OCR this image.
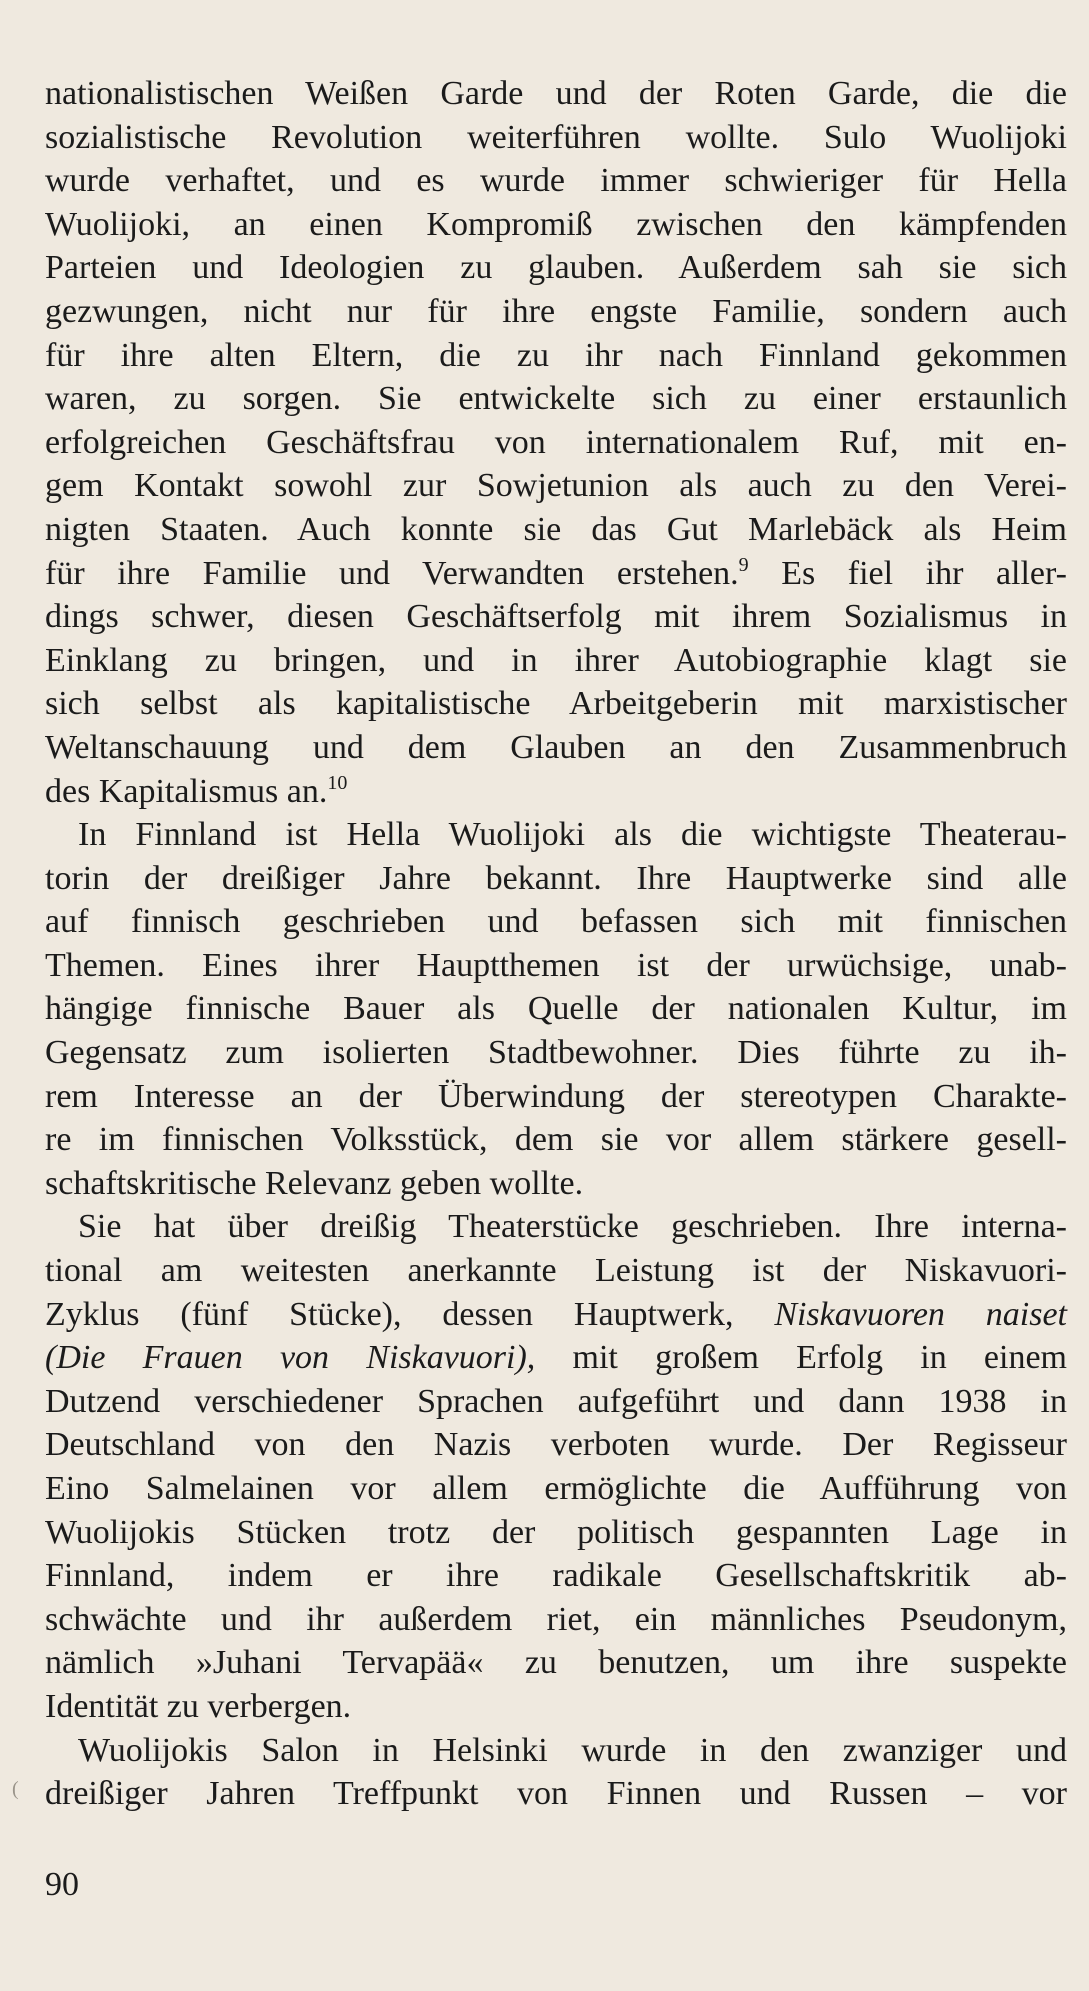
nationalistischen Weißen Garde und der Roten Garde, die die
sozialistische Revolution weiterführen wollte. Sulo Wuolijoki
wurde verhaftet, und es wurde immer schwieriger für Hella
Wuolijoki, an einen Kompromiß zwischen den kämpfenden
Parteien und Ideologien zu glauben. Außerdem sah sie sich
gezwungen, nicht nur für ihre engste Familie, sondern auch
für ihre alten Eltern, die zu ihr nach Finnland gekommen
waren, zu sorgen. Sie entwickelte sich zu einer erstaunlich
erfolgreichen Geschäftsfrau von internationalem Ruf, mit en-
gem Kontakt sowohl zur Sowjetunion als auch zu den Verei-
nigten Staaten. Auch konnte sie das Gut Marlebäck als Heim
für ihre Familie und Verwandten erstehen.$^9$ Es fiel ihr aller-
dings schwer, diesen Geschäftserfolg mit ihrem Sozialismus in
Einklang zu bringen, und in ihrer Autobiographie klagt sie
sich selbst als kapitalistische Arbeitgeberin mit marxistischer
Weltanschauung und dem Glauben an den Zusammenbruch
des Kapitalismus an.$^{10}$
In Finnland ist Hella Wuolijoki als die wichtigste Theaterau-
torin der dreißiger Jahre bekannt. Ihre Hauptwerke sind alle
auf finnisch geschrieben und befassen sich mit finnischen
Themen. Eines ihrer Hauptthemen ist der urwüchsige, unab-
hängige finnische Bauer als Quelle der nationalen Kultur, im
Gegensatz zum isolierten Stadtbewohner. Dies führte zu ih-
rem Interesse an der Überwindung der stereotypen Charakte-
re im finnischen Volksstück, dem sie vor allem stärkere gesell-
schaftskritische Relevanz geben wollte.
Sie hat über dreißig Theaterstücke geschrieben. Ihre interna-
tional am weitesten anerkannte Leistung ist der Niskavuori-
Zyklus (fünf Stücke), dessen Hauptwerk, Niskavuoren naiset
(Die Frauen von Niskavuori), mit großem Erfolg in einem
Dutzend verschiedener Sprachen aufgeführt und dann 1938 in
Deutschland von den Nazis verboten wurde. Der Regisseur
Eino Salmelainen vor allem ermöglichte die Aufführung von
Wuolijokis Stücken trotz der politisch gespannten Lage in
Finnland, indem er ihre radikale Gesellschaftskritik ab-
schwächte und ihr außerdem riet, ein männliches Pseudonym,
nämlich »Juhani Tervapää« zu benutzen, um ihre suspekte
Identität zu verbergen.
Wuolijokis Salon in Helsinki wurde in den zwanziger und
dreißiger Jahren Treffpunkt von Finnen und Russen – vor
(
90
